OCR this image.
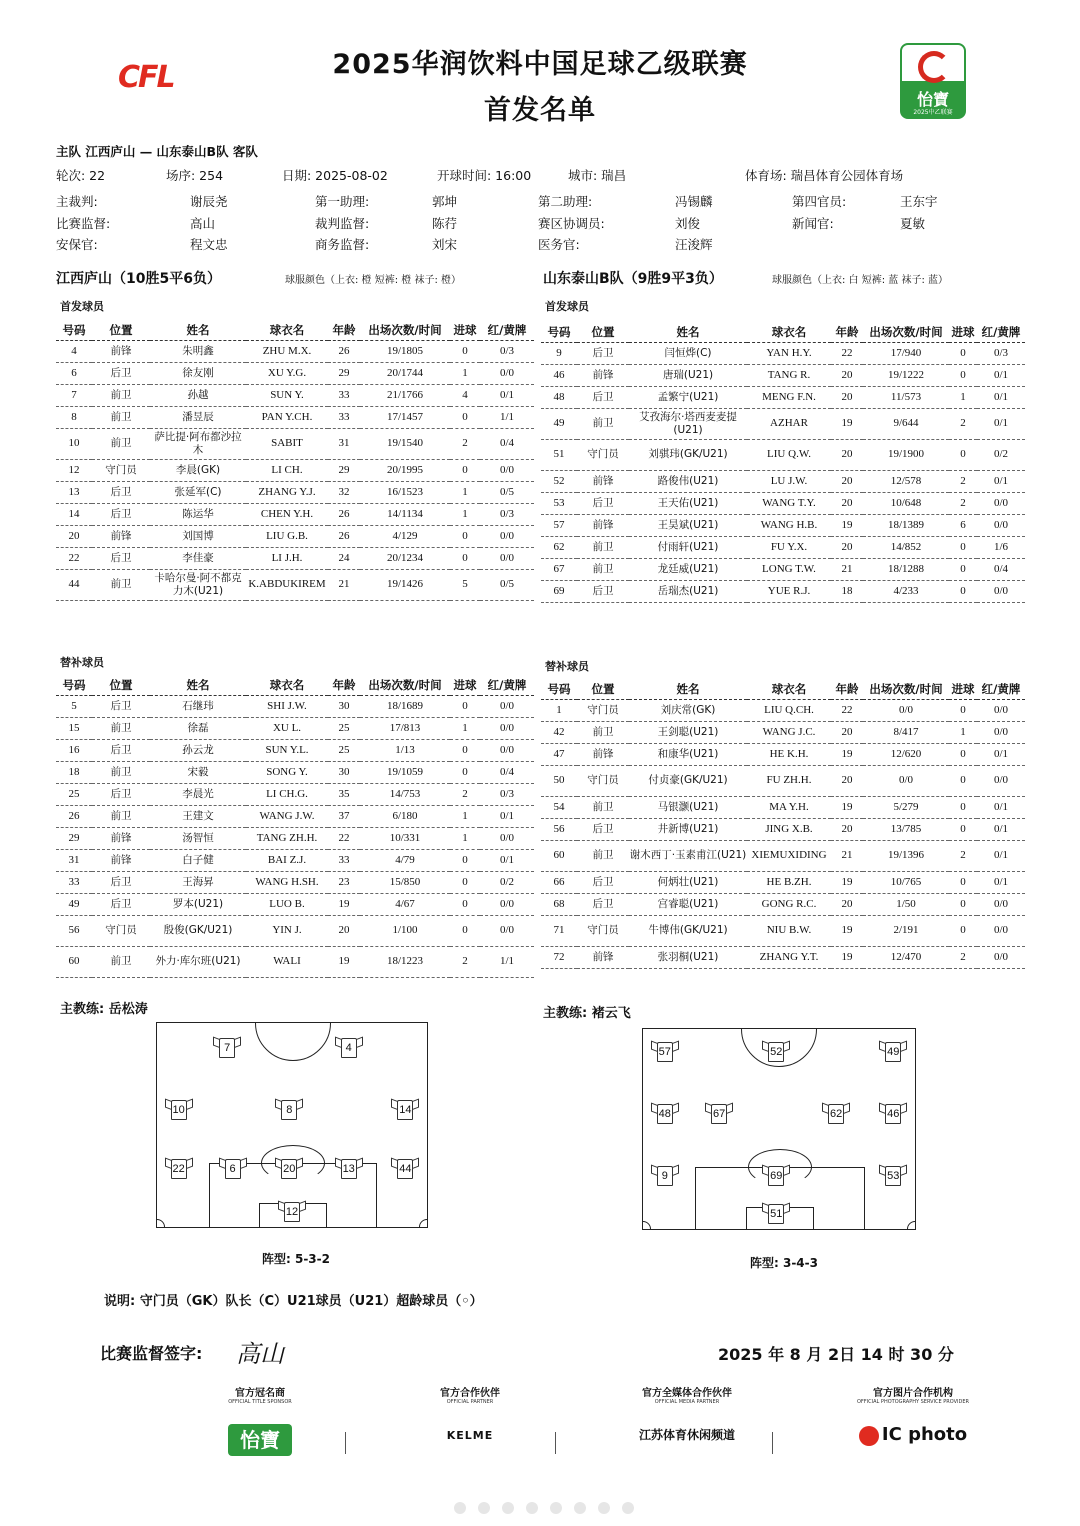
CFL	2025华润饮料中国足球乙级联赛
首发名单	怡寶
2025中乙联赛
主队 江西庐山 — 山东泰山B队 客队
轮次: 22	场序: 254	日期: 2025-08-02	开球时间: 16:00	城市: 瑞昌	体育场: 瑞昌体育公园体育场
主裁判:	谢辰尧	第一助理:	郭坤	第二助理:	冯锡麟	第四官员:	王东宇
比赛监督:	高山	裁判监督:	陈荇	赛区协调员:	刘俊	新闻官:	夏敏
安保官:	程文忠	商务监督:	刘宋	医务官:	汪浚辉
江西庐山（10胜5平6负）	球服颜色（上衣: 橙 短裤: 橙 袜子: 橙）	山东泰山B队（9胜9平3负）	球服颜色（上衣: 白 短裤: 蓝 袜子: 蓝）
首发球员	首发球员
替补球员	替补球员
号码	位置	姓名	球衣名	年龄	出场次数/时间	进球	红/黄牌
4	前锋	朱明鑫	ZHU M.X.	26	19/1805	0	0/3
6	后卫	徐友刚	XU Y.G.	29	20/1744	1	0/0
7	前卫	孙越	SUN Y.	33	21/1766	4	0/1
8	前卫	潘昱辰	PAN Y.CH.	33	17/1457	0	1/1
10	前卫	萨比提·阿布都沙拉木	SABIT	31	19/1540	2	0/4
12	守门员	李晨(GK)	LI CH.	29	20/1995	0	0/0
13	后卫	张延军(C)	ZHANG Y.J.	32	16/1523	1	0/5
14	后卫	陈运华	CHEN Y.H.	26	14/1134	1	0/3
20	前锋	刘国博	LIU G.B.	26	4/129	0	0/0
22	后卫	李佳豪	LI J.H.	24	20/1234	0	0/0
44	前卫	卡哈尔曼·阿不都克力木(U21)	K.ABDUKIREM	21	19/1426	5	0/5
号码	位置	姓名	球衣名	年龄	出场次数/时间	进球	红/黄牌
9	后卫	闫恒烨(C)	YAN H.Y.	22	17/940	0	0/3
46	前锋	唐瑞(U21)	TANG R.	20	19/1222	0	0/1
48	后卫	孟繁宁(U21)	MENG F.N.	20	11/573	1	0/1
49	前卫	艾孜海尔·塔西麦麦提(U21)	AZHAR	19	9/644	2	0/1
51	守门员	刘骐玮(GK/U21)	LIU Q.W.	20	19/1900	0	0/2
52	前锋	路俊伟(U21)	LU J.W.	20	12/578	2	0/1
53	后卫	王天佑(U21)	WANG T.Y.	20	10/648	2	0/0
57	前锋	王昊斌(U21)	WANG H.B.	19	18/1389	6	0/0
62	前卫	付雨轩(U21)	FU Y.X.	20	14/852	0	1/6
67	前卫	龙廷威(U21)	LONG T.W.	21	18/1288	0	0/4
69	后卫	岳瑞杰(U21)	YUE R.J.	18	4/233	0	0/0
号码	位置	姓名	球衣名	年龄	出场次数/时间	进球	红/黄牌
5	后卫	石继玮	SHI J.W.	30	18/1689	0	0/0
15	前卫	徐磊	XU L.	25	17/813	1	0/0
16	后卫	孙云龙	SUN Y.L.	25	1/13	0	0/0
18	前卫	宋毅	SONG Y.	30	19/1059	0	0/4
25	后卫	李晨光	LI CH.G.	35	14/753	2	0/3
26	前卫	王建文	WANG J.W.	37	6/180	1	0/1
29	前锋	汤智恒	TANG ZH.H.	22	10/331	1	0/0
31	前锋	白子健	BAI Z.J.	33	4/79	0	0/1
33	后卫	王海昇	WANG H.SH.	23	15/850	0	0/2
49	后卫	罗本(U21)	LUO B.	19	4/67	0	0/0
56	守门员	殷俊(GK/U21)	YIN J.	20	1/100	0	0/0
60	前卫	外力·库尔班(U21)	WALI	19	18/1223	2	1/1
号码	位置	姓名	球衣名	年龄	出场次数/时间	进球	红/黄牌
1	守门员	刘庆常(GK)	LIU Q.CH.	22	0/0	0	0/0
42	前卫	王剑聪(U21)	WANG J.C.	20	8/417	1	0/0
47	前锋	和康华(U21)	HE K.H.	19	12/620	0	0/1
50	守门员	付贞豪(GK/U21)	FU ZH.H.	20	0/0	0	0/0
54	前卫	马银灏(U21)	MA Y.H.	19	5/279	0	0/1
56	后卫	井新博(U21)	JING X.B.	20	13/785	0	0/1
60	前卫	谢木西丁·玉素甫江(U21)	XIEMUXIDING	21	19/1396	2	0/1
66	后卫	何炳壮(U21)	HE B.ZH.	19	10/765	0	0/1
68	后卫	宫睿聪(U21)	GONG R.C.	20	1/50	0	0/0
71	守门员	牛博伟(GK/U21)	NIU B.W.	19	2/191	0	0/0
72	前锋	张羽桐(U21)	ZHANG Y.T.	19	12/470	2	0/0
主教练: 岳松涛	主教练: 褚云飞
7	4
10	8	14
22	6	20	13	44
12
57	52	49
48	67	62	46
9	69	53
51
阵型: 5-3-2	阵型: 3-4-3
说明: 守门员（GK）队长（C）U21球员（U21）超龄球员（◦）
比赛监督签字: 高山	2025 年 8 月 2日 14 时 30 分
官方冠名商
OFFICIAL TITLE SPONSOR
怡寶
官方合作伙伴
OFFICIAL PARTNER
KELME
官方全媒体合作伙伴
OFFICIAL MEDIA PARTNER
江苏体育休闲频道
官方图片合作机构
OFFICIAL PHOTOGRAPHY SERVICE PROVIDER
IC photo
